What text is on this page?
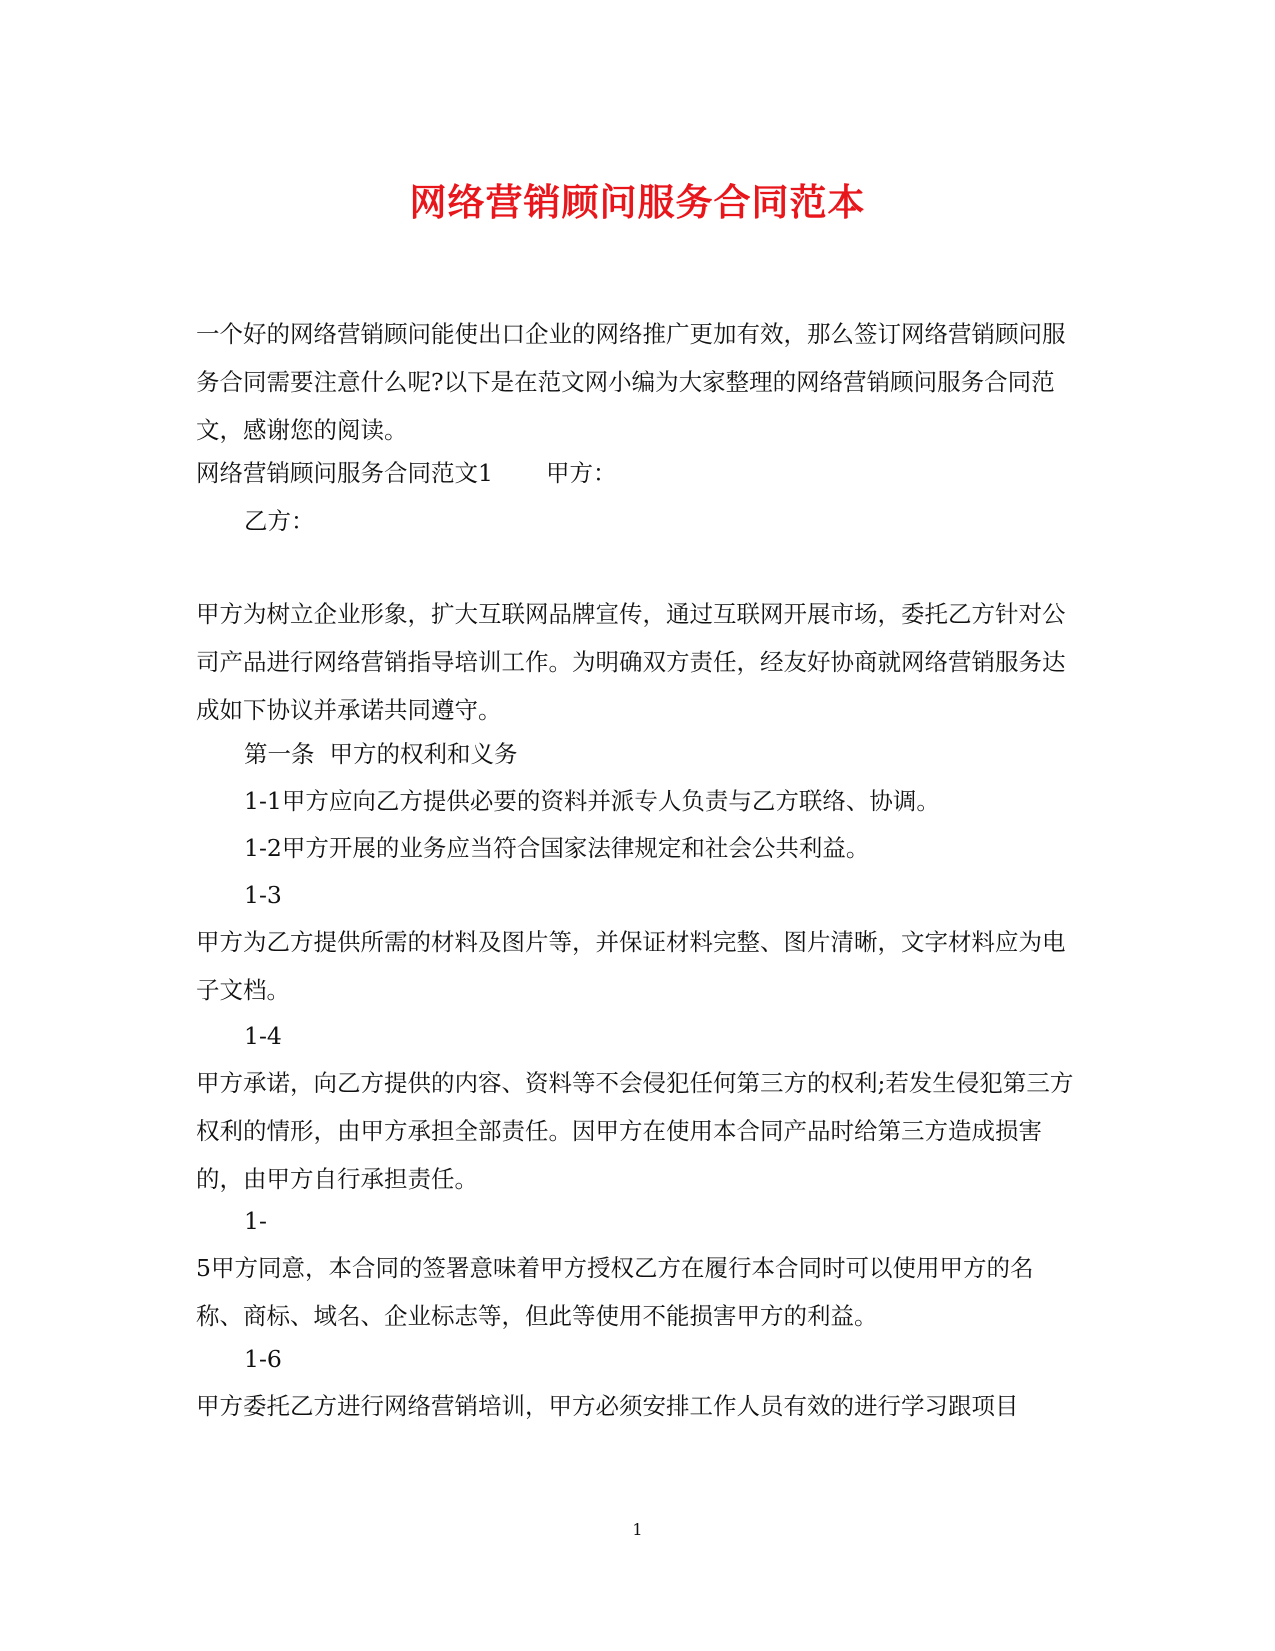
网络营销顾问服务合同范本
一个好的网络营销顾问能使出口企业的网络推广更加有效，那么签订网络营销顾问服务合同需要注意什么呢?以下是在范文网小编为大家整理的网络营销顾问服务合同范文，感谢您的阅读。
网络营销顾问服务合同范文1 甲方：
乙方：
甲方为树立企业形象，扩大互联网品牌宣传，通过互联网开展市场，委托乙方针对公司产品进行网络营销指导培训工作。为明确双方责任，经友好协商就网络营销服务达成如下协议并承诺共同遵守。
第一条  甲方的权利和义务
1-1甲方应向乙方提供必要的资料并派专人负责与乙方联络、协调。
1-2甲方开展的业务应当符合国家法律规定和社会公共利益。
1-3
甲方为乙方提供所需的材料及图片等，并保证材料完整、图片清晰，文字材料应为电子文档。
1-4
甲方承诺，向乙方提供的内容、资料等不会侵犯任何第三方的权利;若发生侵犯第三方权利的情形，由甲方承担全部责任。因甲方在使用本合同产品时给第三方造成损害的，由甲方自行承担责任。
1-
5甲方同意，本合同的签署意味着甲方授权乙方在履行本合同时可以使用甲方的名称、商标、域名、企业标志等，但此等使用不能损害甲方的利益。
1-6
甲方委托乙方进行网络营销培训，甲方必须安排工作人员有效的进行学习跟项目
1
